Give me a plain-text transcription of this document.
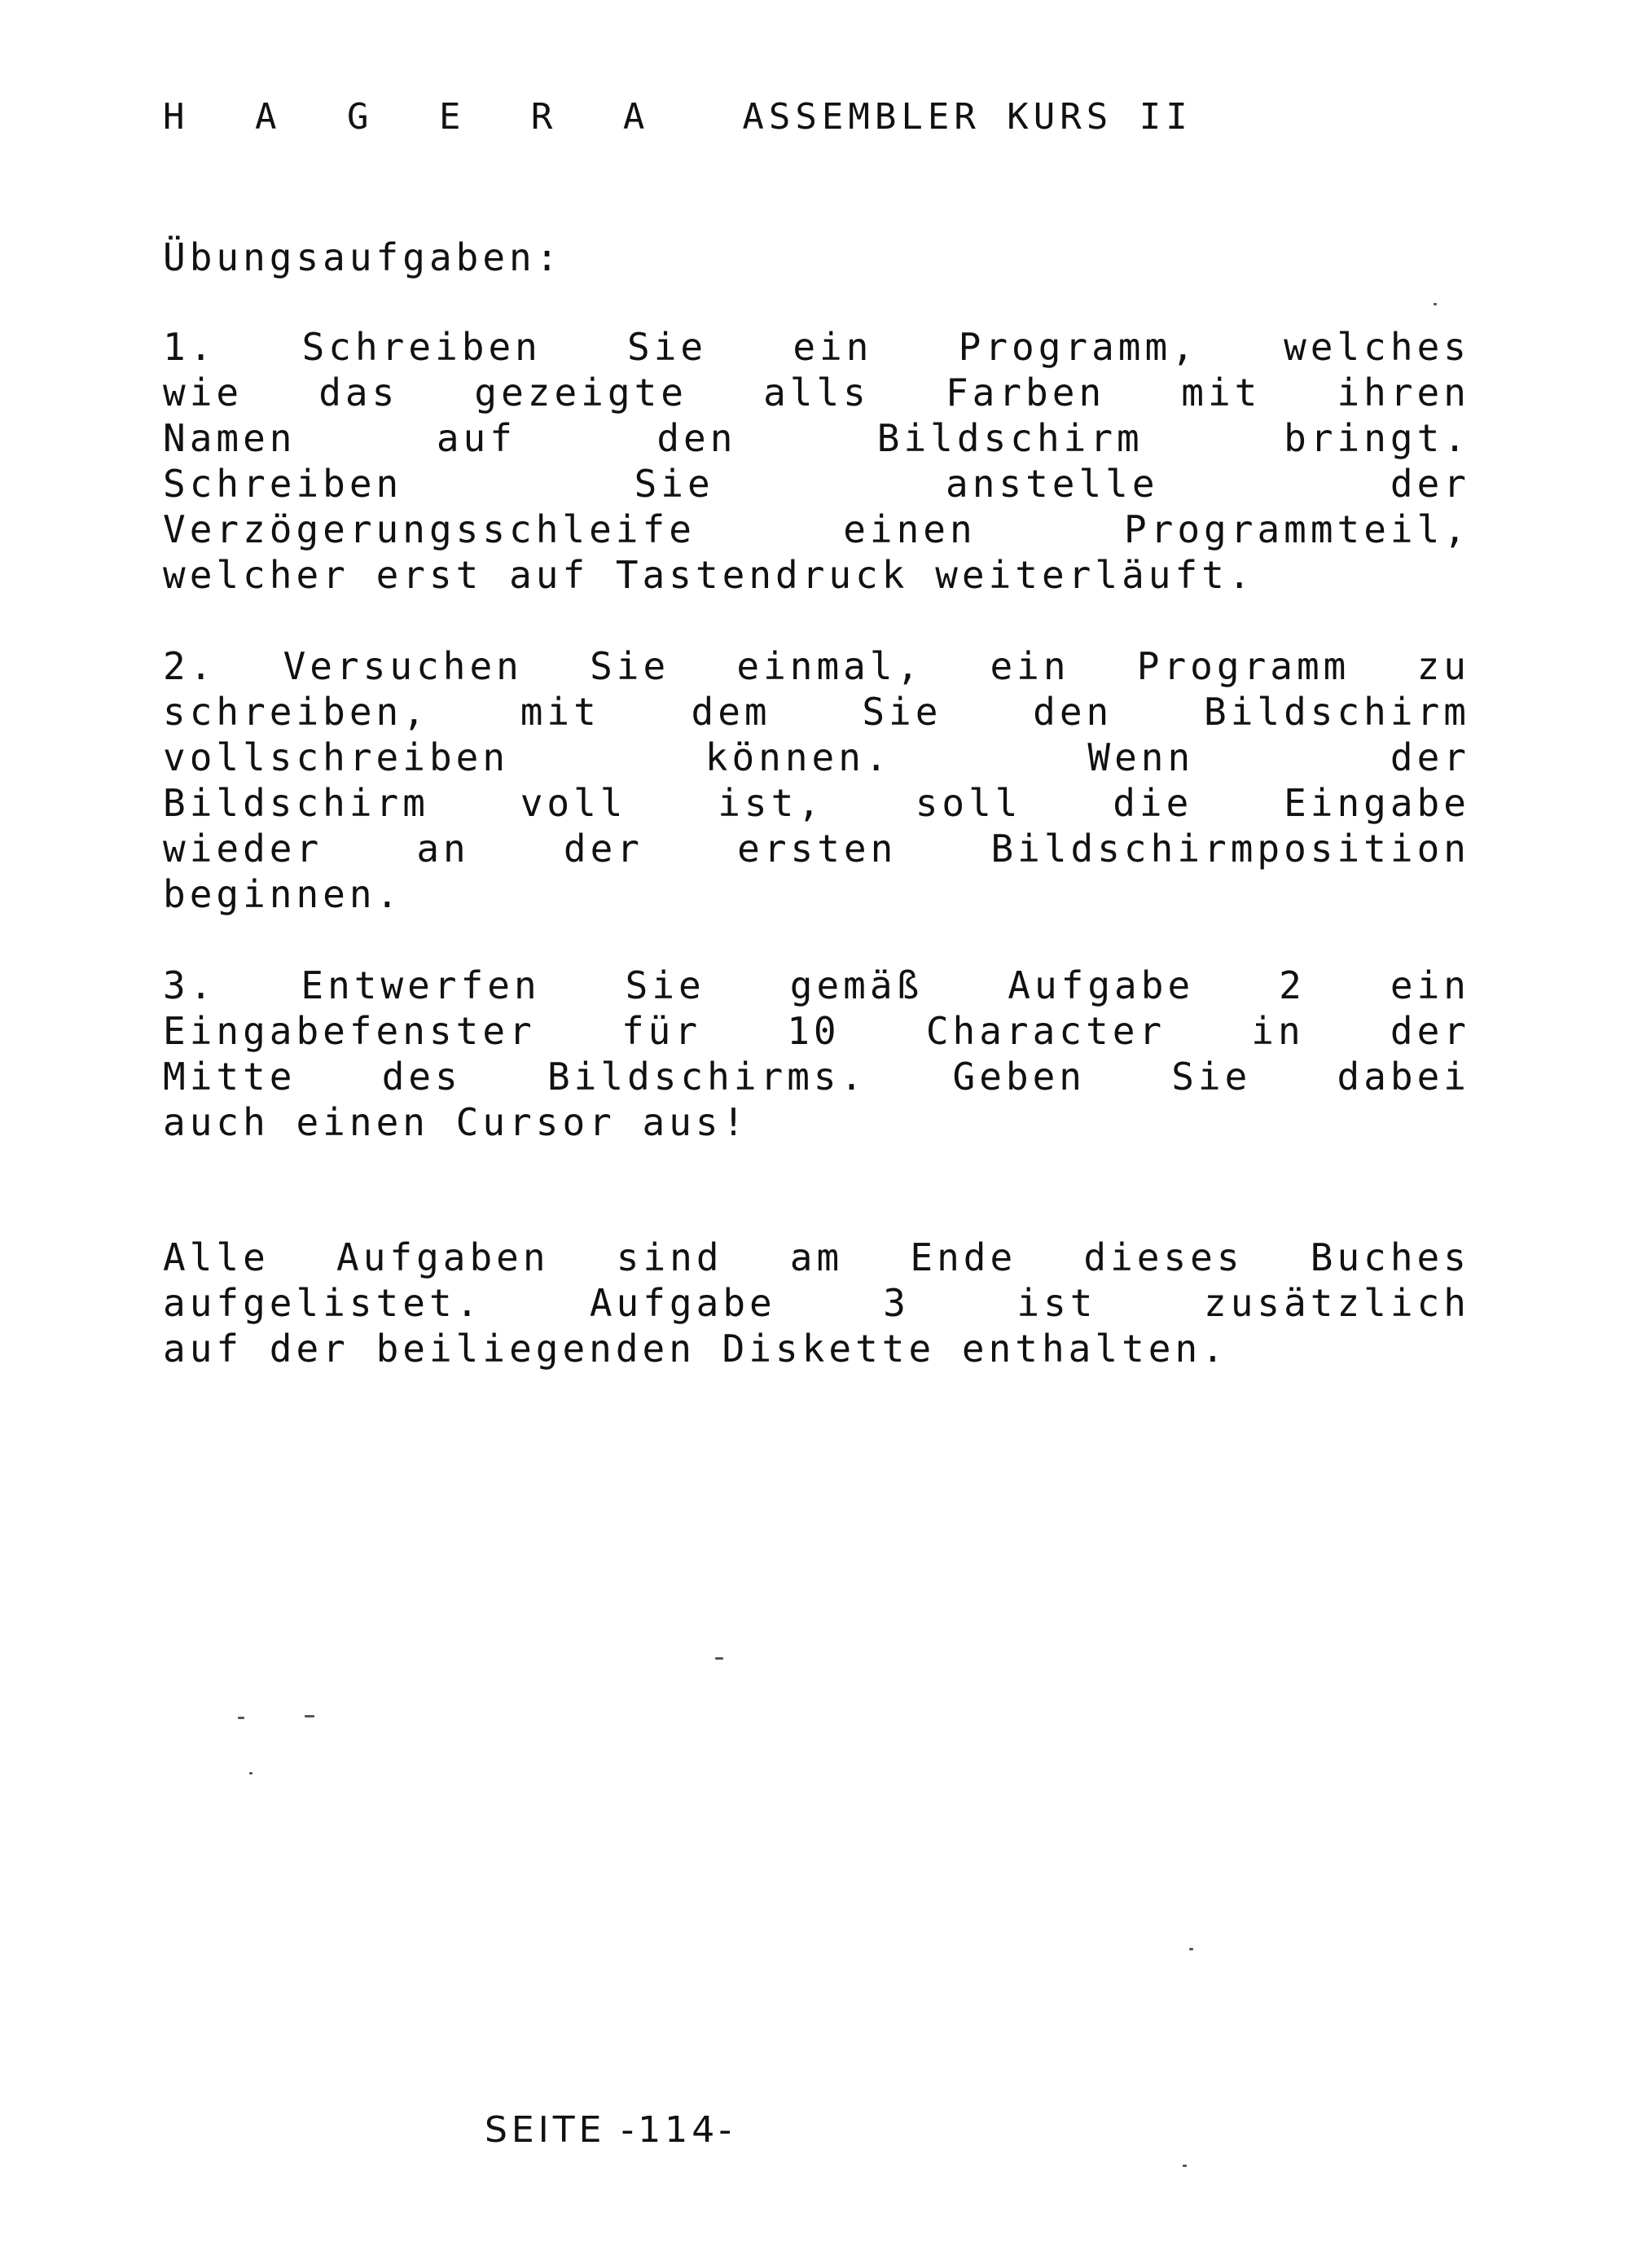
H A G E R A ASSEMBLER KURS II
Übungsaufgaben:
1. Schreiben Sie ein Programm, welches
wie das gezeigte alls Farben mit ihren
Namen	auf	den	Bildschirm	bringt.
Schreiben	Sie	anstelle	der
Verzögerungsschleife	einen	Programmteil,
welcher erst auf Tastendruck weiterläuft.
2. Versuchen Sie einmal, ein Programm zu
schreiben, mit dem Sie den Bildschirm
vollschreiben	können.	Wenn	der
Bildschirm voll ist, soll die Eingabe
wieder	an	der	ersten	Bildschirmposition
beginnen.
3. Entwerfen Sie gemäß Aufgabe 2 ein
Eingabefenster für 10 Character in der
Mitte des Bildschirms. Geben Sie dabei
auch einen Cursor aus!
Alle Aufgaben sind am Ende dieses Buches
aufgelistet.	Aufgabe	3	ist	zusätzlich
auf der beiliegenden Diskette enthalten.
SEITE -114-
